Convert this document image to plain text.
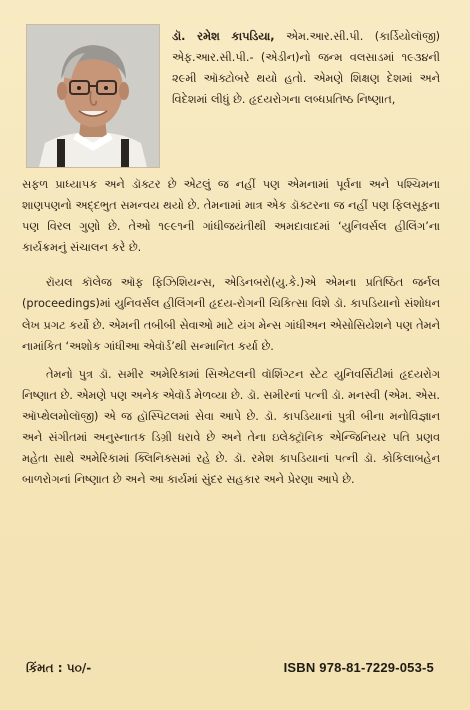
ડૉ. રમેશ કાપડિયા, એમ.આર.સી.પી. (કાર્ડિયોલૉજી) એફ.આર.સી.પી.- (એડીન)નો જન્મ વલસાડમાં ૧૯૩૪ની ૨૯મી ઑક્ટોબરે થયો હતો. એમણે શિક્ષણ દેશમાં અને વિદેશમાં લીધું છે. હૃદયરોગના લબ્ધપ્રતિષ્ઠ નિષ્ણાત,

સફળ પ્રાધ્યાપક અને ડૉક્ટર છે એટલું જ નહીં પણ એમનામાં પૂર્વના અને પશ્ચિમના શાણપણનો અદ્દભુત સમન્વય થયો છે. તેમનામાં માત્ર એક ડૉક્ટરના જ નહીં પણ ફિલસૂફના પણ વિરલ ગુણો છે. તેઓ ૧૯૯૧ની ગાંધીજયંતીથી અમદાવાદમાં ‘યુનિવર્સલ હીલિંગ’ના કાર્યક્રમનું સંચાલન કરે છે.

રૉયલ કૉલેજ ઑફ ફિઝિશિયન્સ, એડિનબરો(યુ.કે.)એ એમના પ્રતિષ્ઠિત જર્નલ (proceedings)માં યુનિવર્સલ હીલિંગની હૃદય-રોગની ચિકિત્સા વિશે ડૉ. કાપડિયાનો સંશોધન લેખ પ્રગટ કર્યો છે. એમની તબીબી સેવાઓ માટે યંગ મેન્સ ગાંધીઅન એસોસિયેશને પણ તેમને નામાંકિત ‘અશોક ગાંધીઆ એવૉર્ડ’થી સન્માનિત કર્યા છે.

તેમનો પુત્ર ડૉ. સમીર અમેરિકામાં સિએટલની વૉશિંગ્ટન સ્ટેટ યુનિવર્સિટીમાં હૃદયરોગ નિષ્ણાત છે. એમણે પણ અનેક એવૉર્ડ મેળવ્યા છે. ડૉ. સમીરનાં પત્ની ડૉ. મનસ્વી (એમ. એસ. ઑપ્થેલમોલૉજી) એ જ હૉસ્પિટલમાં સેવા આપે છે. ડૉ. કાપડિયાનાં પુત્રી બીના મનોવિજ્ઞાન અને સંગીતમાં અનુસ્નાતક ડિગ્રી ધરાવે છે અને તેના ઇલેક્ટ્રૉનિક એન્જિનિયર પતિ પ્રણવ મહેતા સાથે અમેરિકામાં ક્લિનિક્સમાં રહે છે. ડૉ. રમેશ કાપડિયાનાં પત્ની ડૉ. કોકિલાબહેન બાળરોગનાં નિષ્ણાત છે અને આ કાર્યમાં સુંદર સહકાર અને પ્રેરણા આપે છે.

કિંમત : ૫૦/-	ISBN 978-81-7229-053-5
